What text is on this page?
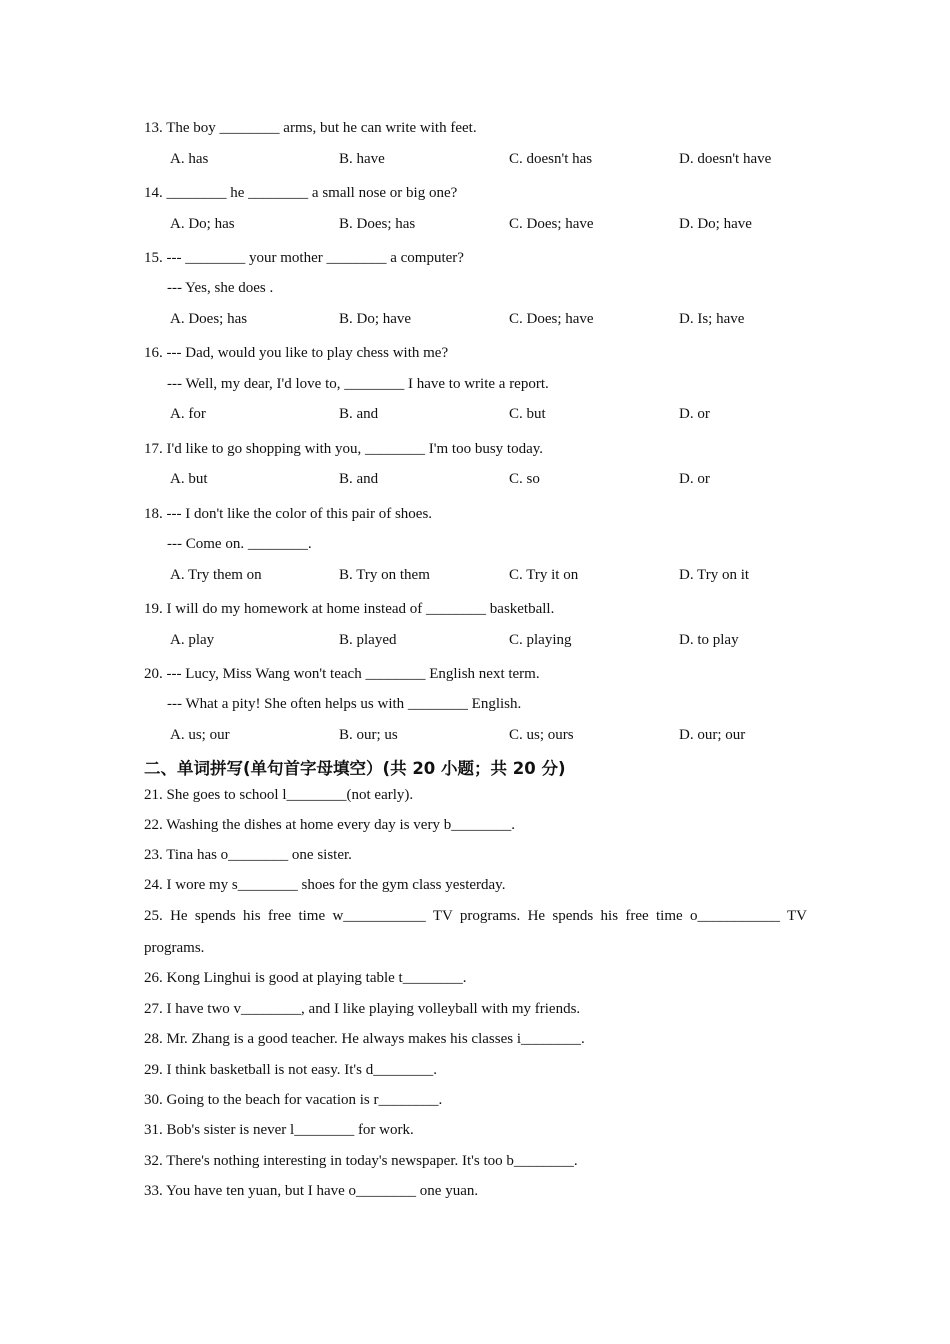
13. The boy ________ arms, but he can write with feet.
A. has	B. have	C. doesn't has	D. doesn't have
14. ________ he ________ a small nose or big one?
A. Do; has	B. Does; has	C. Does; have	D. Do; have
15. --- ________ your mother ________ a computer?
--- Yes, she does .
A. Does; has	B. Do; have	C. Does; have	D. Is; have
16. --- Dad, would you like to play chess with me?
--- Well, my dear, I'd love to, ________ I have to write a report.
A. for	B. and	C. but	D. or
17. I'd like to go shopping with you, ________ I'm too busy today.
A. but	B. and	C. so	D. or
18. --- I don't like the color of this pair of shoes.
--- Come on. ________.
A. Try them on	B. Try on them	C. Try it on	D. Try on it
19. I will do my homework at home instead of ________ basketball.
A. play	B. played	C. playing	D. to play
20. --- Lucy, Miss Wang won't teach ________ English next term.
--- What a pity! She often helps us with ________ English.
A. us; our	B. our; us	C. us; ours	D. our; our
二、单词拼写(单句首字母填空）(共 20 小题；共 20 分)
21. She goes to school l________(not early).
22. Washing the dishes at home every day is very b________.
23. Tina has o________ one sister.
24. I wore my s________ shoes for the gym class yesterday.
25. He spends his free time w___________ TV programs. He spends his free time o___________ TV
programs.
26. Kong Linghui is good at playing table t________.
27. I have two v________, and I like playing volleyball with my friends.
28. Mr. Zhang is a good teacher. He always makes his classes i________.
29. I think basketball is not easy. It's d________.
30. Going to the beach for vacation is r________.
31. Bob's sister is never l________ for work.
32. There's nothing interesting in today's newspaper. It's too b________.
33. You have ten yuan, but I have o________ one yuan.
